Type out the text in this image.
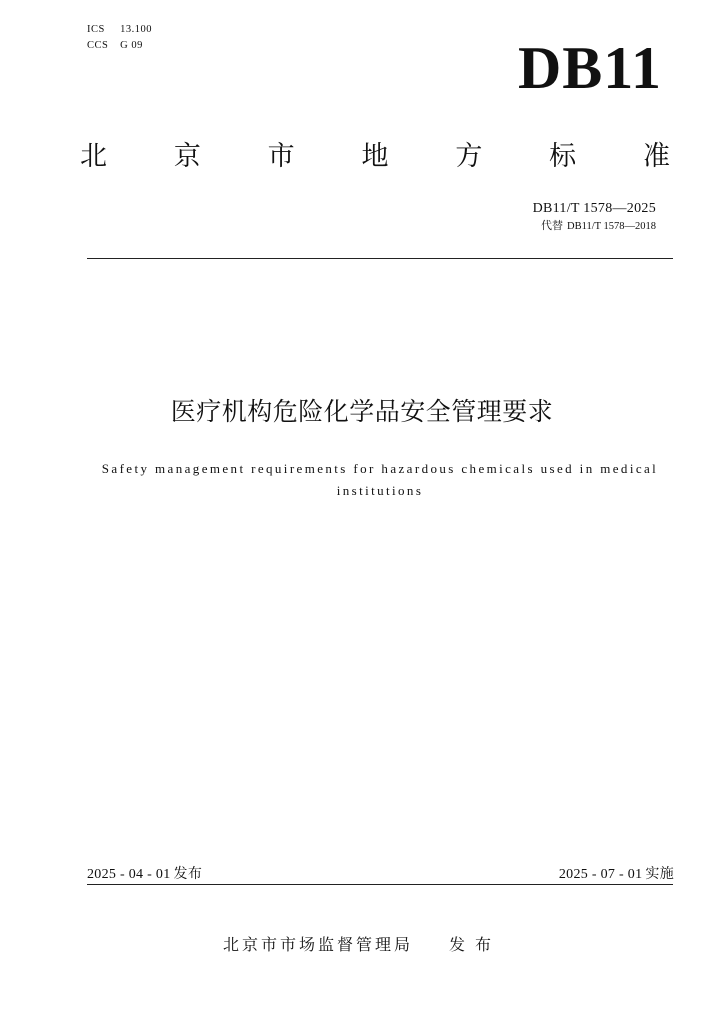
ICS 13.100
CCS G 09	DB11
北 京 市 地 方 标 准
DB11/T 1578—2025
代替 DB11/T 1578—2018
医疗机构危险化学品安全管理要求
Safety management requirements for hazardous chemicals used in medical institutions
2025 - 04 - 01 发布	2025 - 07 - 01 实施
北京市市场监督管理局 发布
